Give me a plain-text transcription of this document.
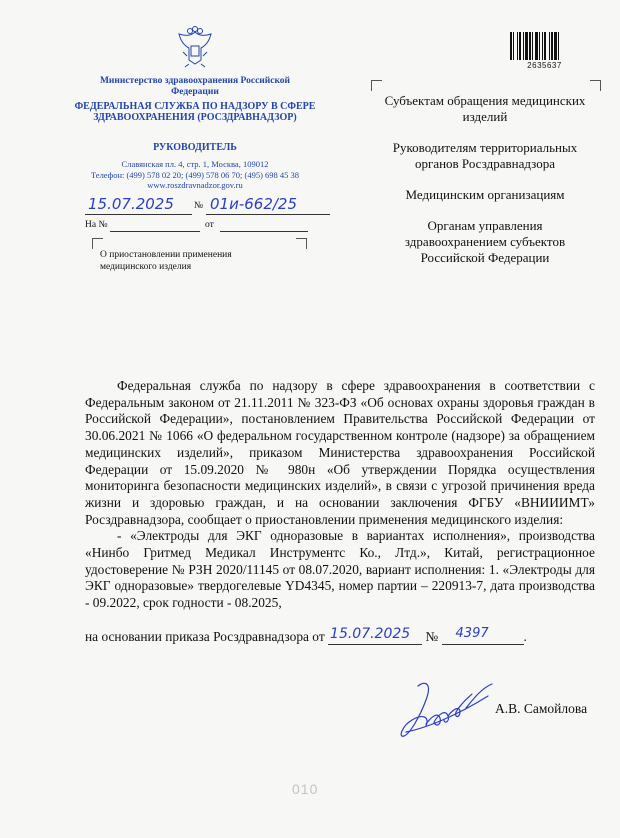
2635637
Министерство здравоохранения Российской Федерации
ФЕДЕРАЛЬНАЯ СЛУЖБА ПО НАДЗОРУ В СФЕРЕ ЗДРАВООХРАНЕНИЯ (РОСЗДРАВНАДЗОР)
РУКОВОДИТЕЛЬ
Славянская пл. 4, стр. 1, Москва, 109012
Телефон: (499) 578 02 20; (499) 578 06 70; (495) 698 45 38
www.roszdravnadzor.gov.ru
15.07.2025 № 01и-662/25
На №	от
О приостановлении применения медицинского изделия
Субъектам обращения медицинских изделий
Руководителям территориальных органов Росздравнадзора
Медицинским организациям
Органам управления здравоохранением субъектов Российской Федерации

Федеральная служба по надзору в сфере здравоохранения в соответствии с Федеральным законом от 21.11.2011 № 323-ФЗ «Об основах охраны здоровья граждан в Российской Федерации», постановлением Правительства Российской Федерации от 30.06.2021 № 1066 «О федеральном государственном контроле (надзоре) за обращением медицинских изделий», приказом Министерства здравоохранения Российской Федерации от 15.09.2020 № 980н «Об утверждении Порядка осуществления мониторинга безопасности медицинских изделий», в связи с угрозой причинения вреда жизни и здоровью граждан, и на основании заключения ФГБУ «ВНИИИМТ» Росздравнадзора, сообщает о приостановлении применения медицинского изделия:

- «Электроды для ЭКГ одноразовые в вариантах исполнения», производства «Нинбо Гритмед Медикал Инструментс Ко., Лтд.», Китай, регистрационное удостоверение № РЗН 2020/11145 от 08.07.2020, вариант исполнения: 1. «Электроды для ЭКГ одноразовые» твердогелевые YD4345, номер партии – 220913-7, дата производства - 09.2022, срок годности - 08.2025,

на основании приказа Росздравнадзора от 15.07.2025 № 4397	.
А.В. Самойлова
010
